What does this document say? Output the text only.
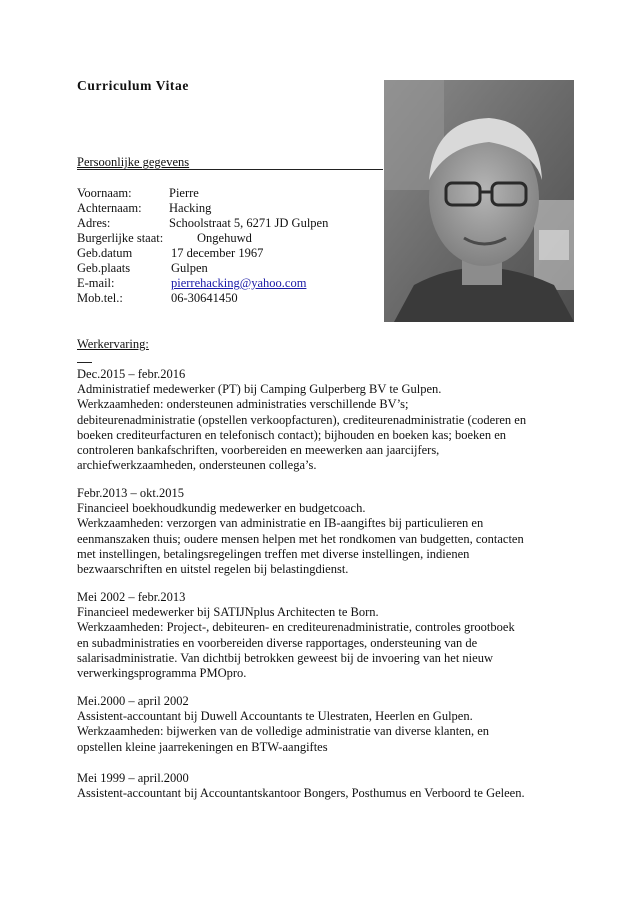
Curriculum Vitae
Persoonlijke gegevens
Voornaam:	Pierre
Achternaam: Hacking
Adres:	Schoolstraat 5, 6271 JD Gulpen
Burgerlijke staat:	Ongehuwd
Geb.datum	17 december 1967
Geb.plaats	Gulpen
E-mail:	pierrehacking@yahoo.com
Mob.tel.:	06-30641450
Werkervaring:
Dec.2015 – febr.2016
Administratief medewerker (PT) bij Camping Gulperberg BV te Gulpen.
Werkzaamheden: ondersteunen administraties verschillende BV’s;
debiteurenadministratie (opstellen verkoopfacturen), crediteurenadministratie (coderen en
boeken crediteurfacturen en telefonisch contact); bijhouden en boeken kas; boeken en
controleren bankafschriften, voorbereiden en meewerken aan jaarcijfers,
archiefwerkzaamheden, ondersteunen collega’s.
Febr.2013 – okt.2015
Financieel boekhoudkundig medewerker en budgetcoach.
Werkzaamheden: verzorgen van administratie en IB-aangiftes bij particulieren en
eenmanszaken thuis; oudere mensen helpen met het rondkomen van budgetten, contacten
met instellingen, betalingsregelingen treffen met diverse instellingen, indienen
bezwaarschriften en uitstel regelen bij belastingdienst.
Mei 2002 – febr.2013
Financieel medewerker bij SATIJNplus Architecten te Born.
Werkzaamheden: Project-, debiteuren- en crediteurenadministratie, controles grootboek
en subadministraties en voorbereiden diverse rapportages, ondersteuning van de
salarisadministratie. Van dichtbij betrokken geweest bij de invoering van het nieuw
verwerkingsprogramma PMOpro.
Mei.2000 – april 2002
Assistent-accountant bij Duwell Accountants te Ulestraten, Heerlen en Gulpen.
Werkzaamheden: bijwerken van de volledige administratie van diverse klanten, en
opstellen kleine jaarrekeningen en BTW-aangiftes
Mei 1999 – april.2000
Assistent-accountant bij Accountantskantoor Bongers, Posthumus en Verboord te Geleen.
